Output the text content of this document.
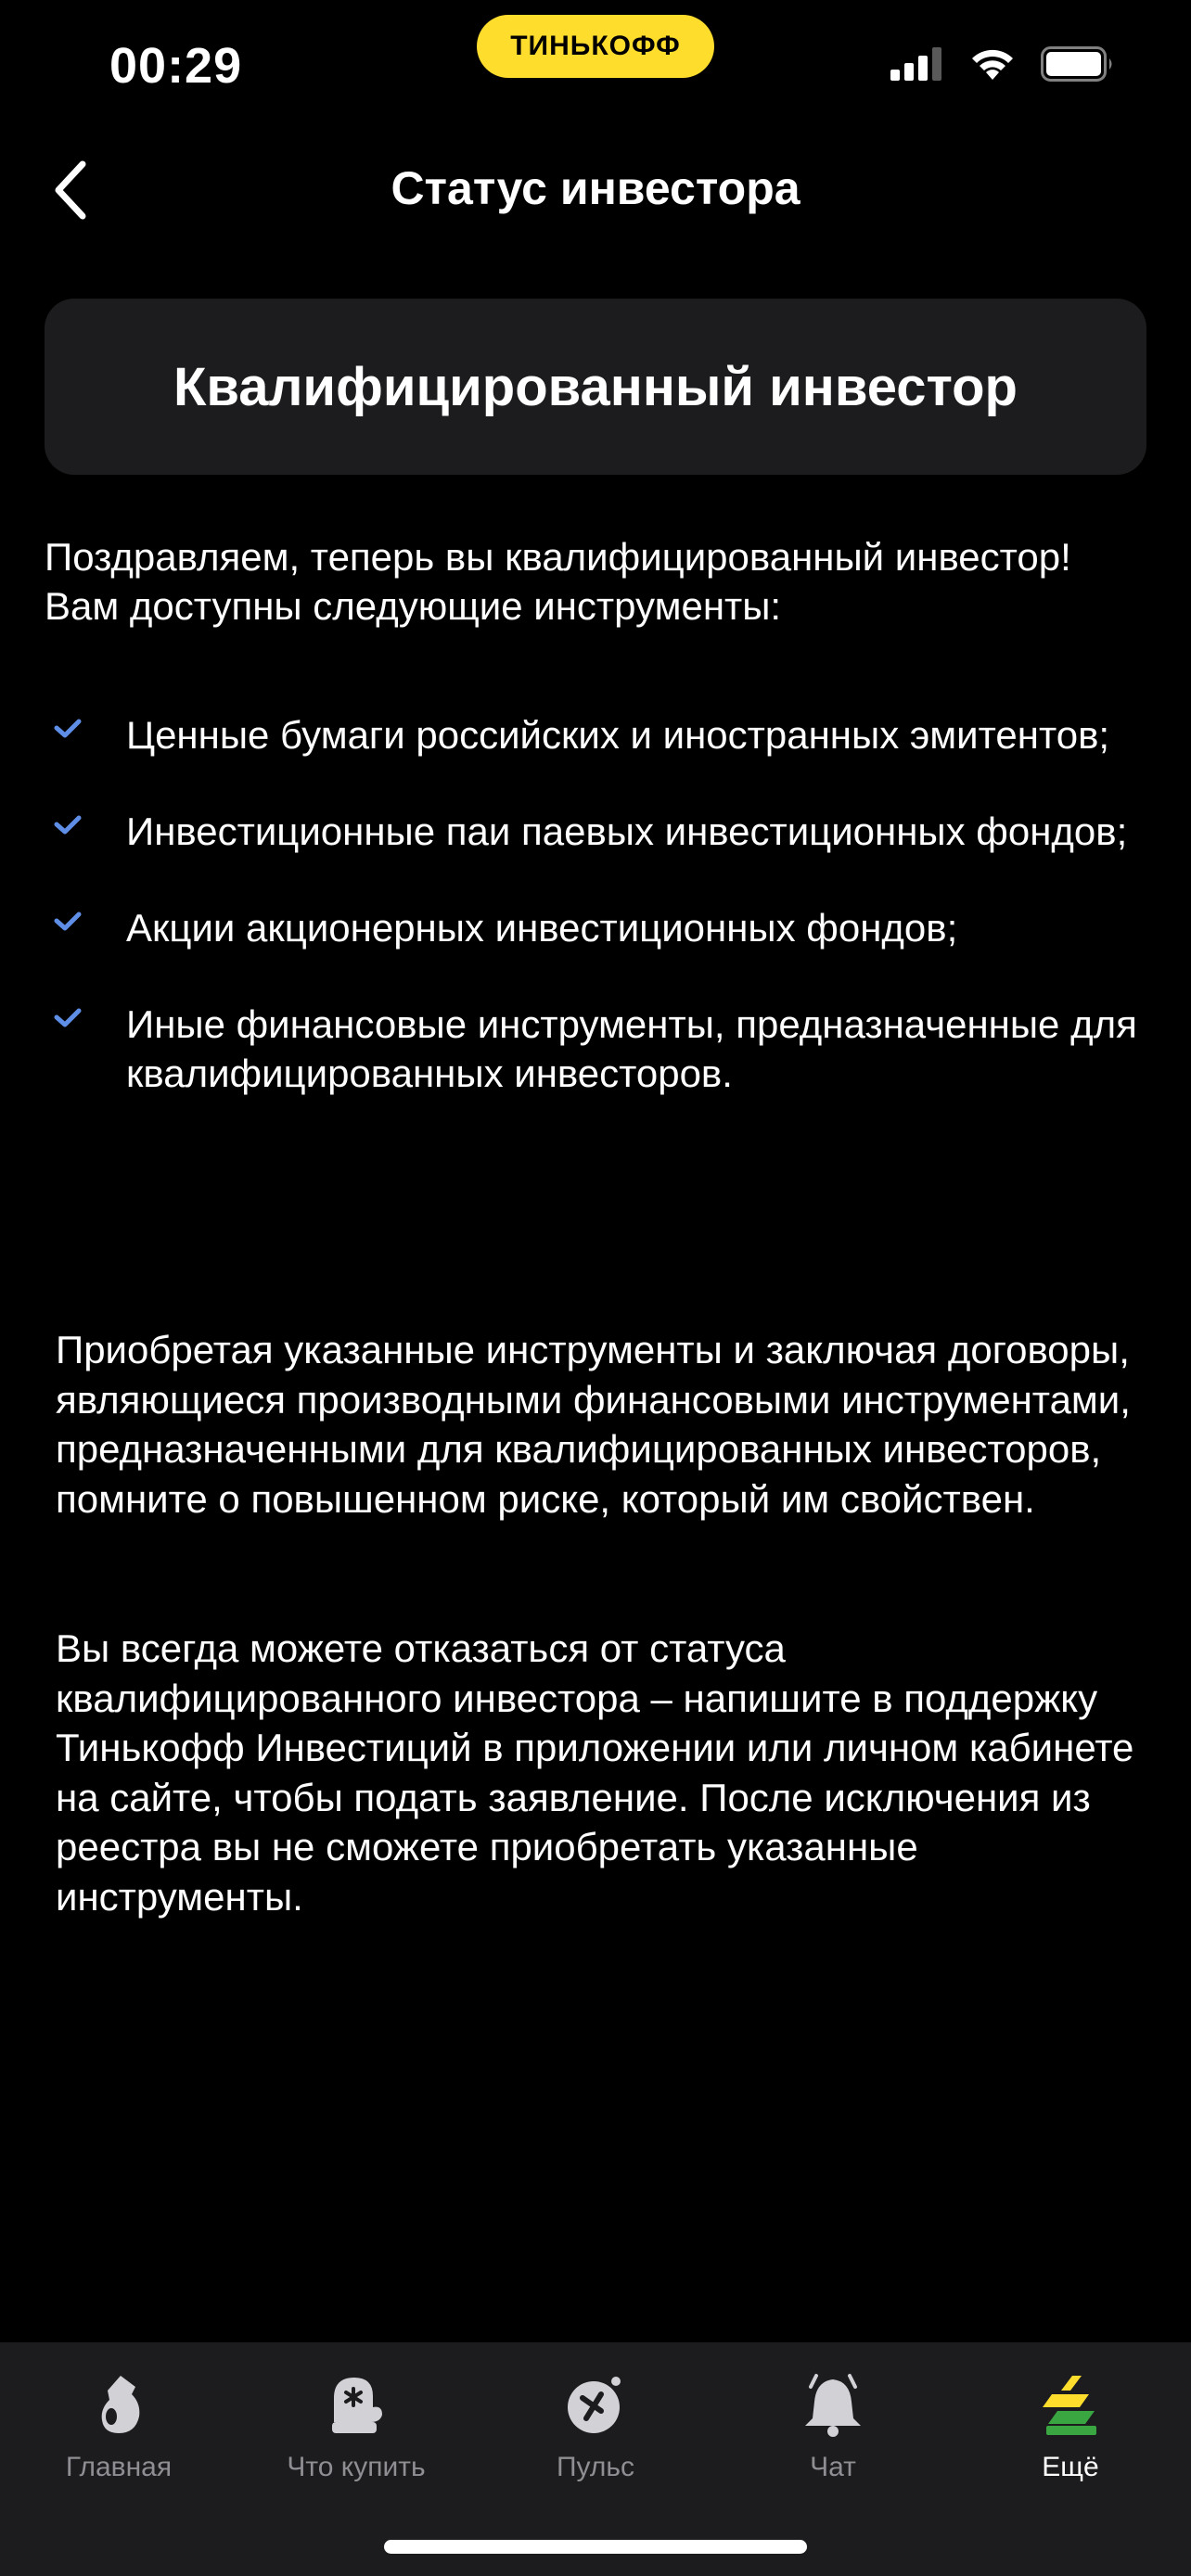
00:29	ТИНЬКОФФ
Статус инвестора
Квалифицированный инвестор
Поздравляем, теперь вы квалифицированный инвестор! Вам доступны следующие инструменты:
Ценные бумаги российских и иностранных эмитентов;
Инвестиционные паи паевых инвестиционных фондов;
Акции акционерных инвестиционных фондов;
Иные финансовые инструменты, предназначенные для квалифицированных инвесторов.
Приобретая указанные инструменты и заключая договоры, являющиеся производными финансовыми инструментами, предназначенными для квалифицированных инвесторов, помните о повышенном риске, который им свойствен.
Вы всегда можете отказаться от статуса квалифицированного инвестора – напишите в поддержку Тинькофф Инвестиций в приложении или личном кабинете на сайте, чтобы подать заявление. После исключения из реестра вы не сможете приобретать указанные инструменты.
Главная	Что купить	Пульс	Чат	Ещё
